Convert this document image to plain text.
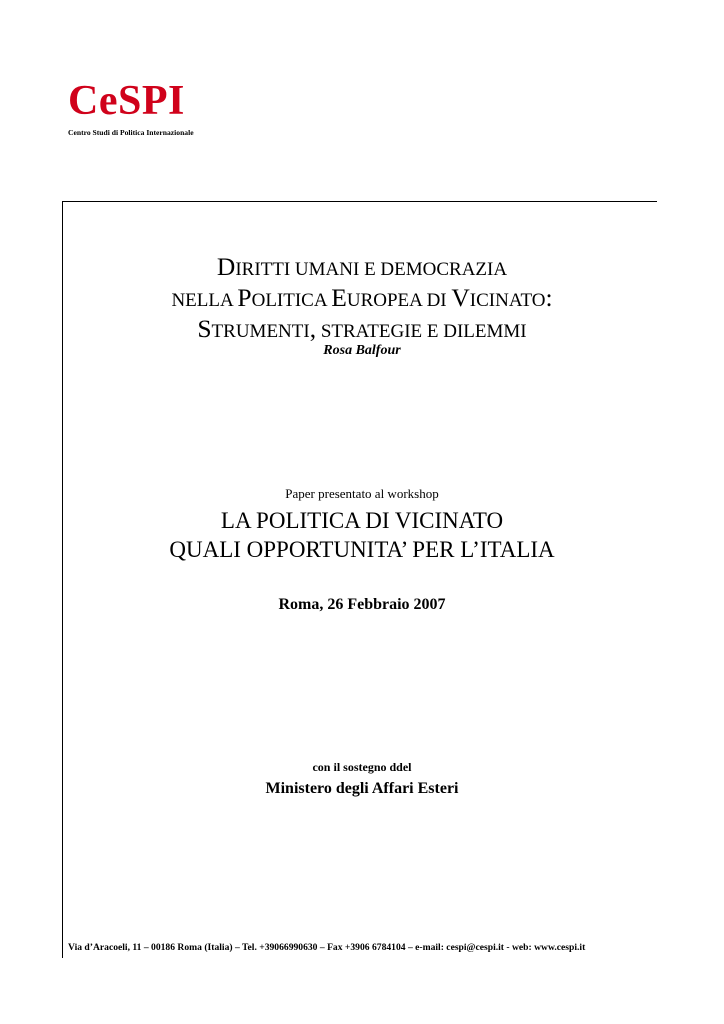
CeSPI
Centro Studi di Politica Internazionale
DIRITTI UMANI E DEMOCRAZIA
NELLA POLITICA EUROPEA DI VICINATO:
STRUMENTI, STRATEGIE E DILEMMI
Rosa Balfour
Paper presentato al workshop
LA POLITICA DI VICINATO
QUALI OPPORTUNITA’ PER L’ITALIA
Roma, 26 Febbraio 2007
con il sostegno ddel
Ministero degli Affari Esteri
Via d’Aracoeli, 11 – 00186 Roma (Italia) – Tel. +39066990630 – Fax +3906 6784104 – e-mail: cespi@cespi.it - web: www.cespi.it
